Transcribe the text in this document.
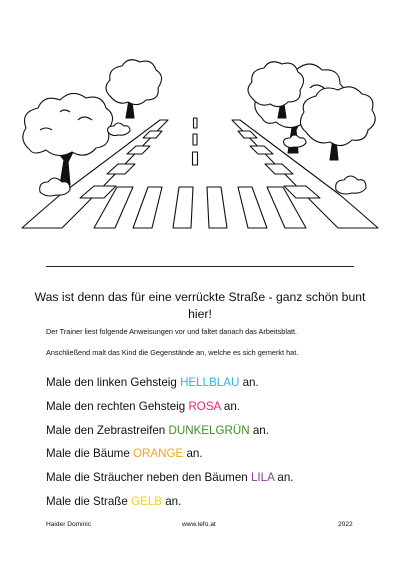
Was ist denn das für eine verrückte Straße - ganz schön bunt hier!
Der Trainer liest folgende Anweisungen vor und faltet danach das Arbeitsblatt.
Anschließend malt das Kind die Gegenstände an, welche es sich gemerkt hat.
Male den linken Gehsteig HELLBLAU an.
Male den rechten Gehsteig ROSA an.
Male den Zebrastreifen DUNKELGRÜN an.
Male die Bäume ORANGE an.
Male die Sträucher neben den Bäumen LILA an.
Male die Straße GELB an.
Haider Dominic	www.lefo.at	2022
